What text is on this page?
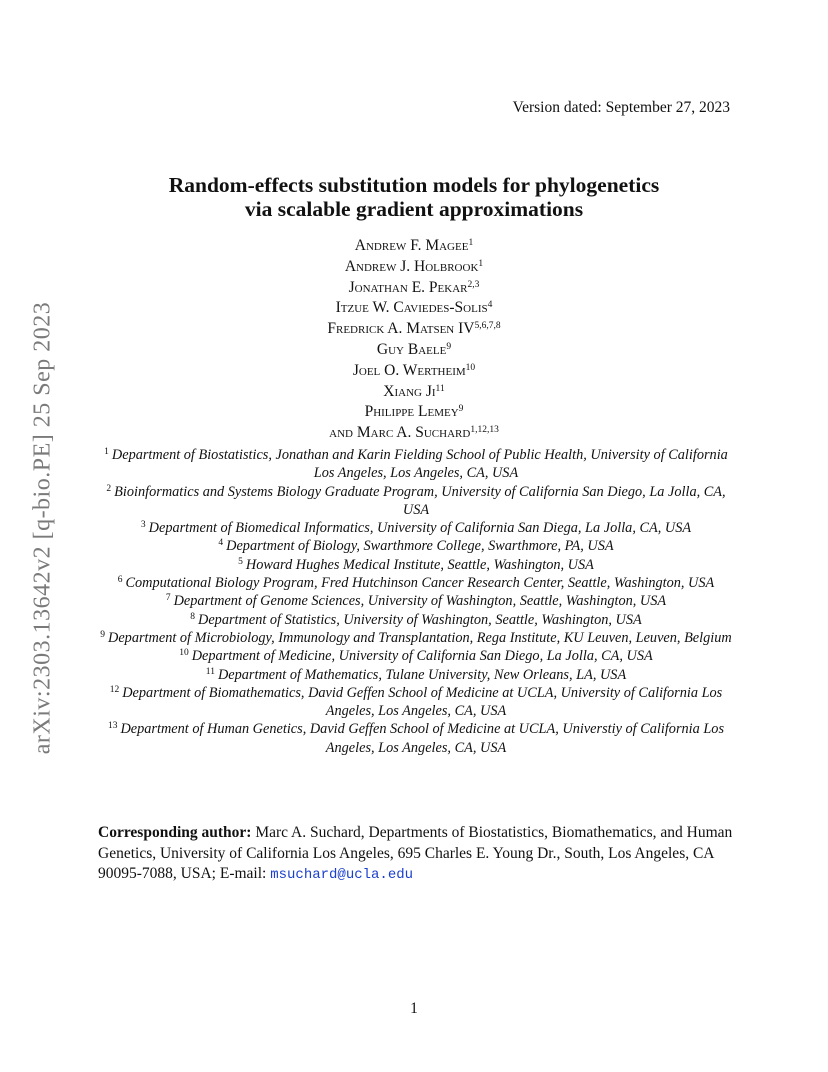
Version dated: September 27, 2023
arXiv:2303.13642v2 [q-bio.PE] 25 Sep 2023
Random-effects substitution models for phylogenetics
via scalable gradient approximations
Andrew F. Magee$^1$
Andrew J. Holbrook$^1$
Jonathan E. Pekar$^{2,3}$
Itzue W. Caviedes-Solis$^4$
Fredrick A. Matsen IV$^{5,6,7,8}$
Guy Baele$^9$
Joel O. Wertheim$^{10}$
Xiang Ji$^{11}$
Philippe Lemey$^9$
and Marc A. Suchard$^{1,12,13}$

$^1$ Department of Biostatistics, Jonathan and Karin Fielding School of Public Health, University of California Los Angeles, Los Angeles, CA, USA

$^2$ Bioinformatics and Systems Biology Graduate Program, University of California San Diego, La Jolla, CA, USA

$^3$ Department of Biomedical Informatics, University of California San Diega, La Jolla, CA, USA

$^4$ Department of Biology, Swarthmore College, Swarthmore, PA, USA

$^5$ Howard Hughes Medical Institute, Seattle, Washington, USA

$^6$ Computational Biology Program, Fred Hutchinson Cancer Research Center, Seattle, Washington, USA

$^7$ Department of Genome Sciences, University of Washington, Seattle, Washington, USA

$^8$ Department of Statistics, University of Washington, Seattle, Washington, USA

$^9$ Department of Microbiology, Immunology and Transplantation, Rega Institute, KU Leuven, Leuven, Belgium

$^{10}$ Department of Medicine, University of California San Diego, La Jolla, CA, USA

$^{11}$ Department of Mathematics, Tulane University, New Orleans, LA, USA

$^{12}$ Department of Biomathematics, David Geffen School of Medicine at UCLA, University of California Los Angeles, Los Angeles, CA, USA

$^{13}$ Department of Human Genetics, David Geffen School of Medicine at UCLA, Universtiy of California Los Angeles, Los Angeles, CA, USA

Corresponding author: Marc A. Suchard, Departments of Biostatistics, Biomathematics, and Human Genetics, University of California Los Angeles, 695 Charles E. Young Dr., South, Los Angeles, CA 90095-7088, USA; E-mail: msuchard@ucla.edu
1
